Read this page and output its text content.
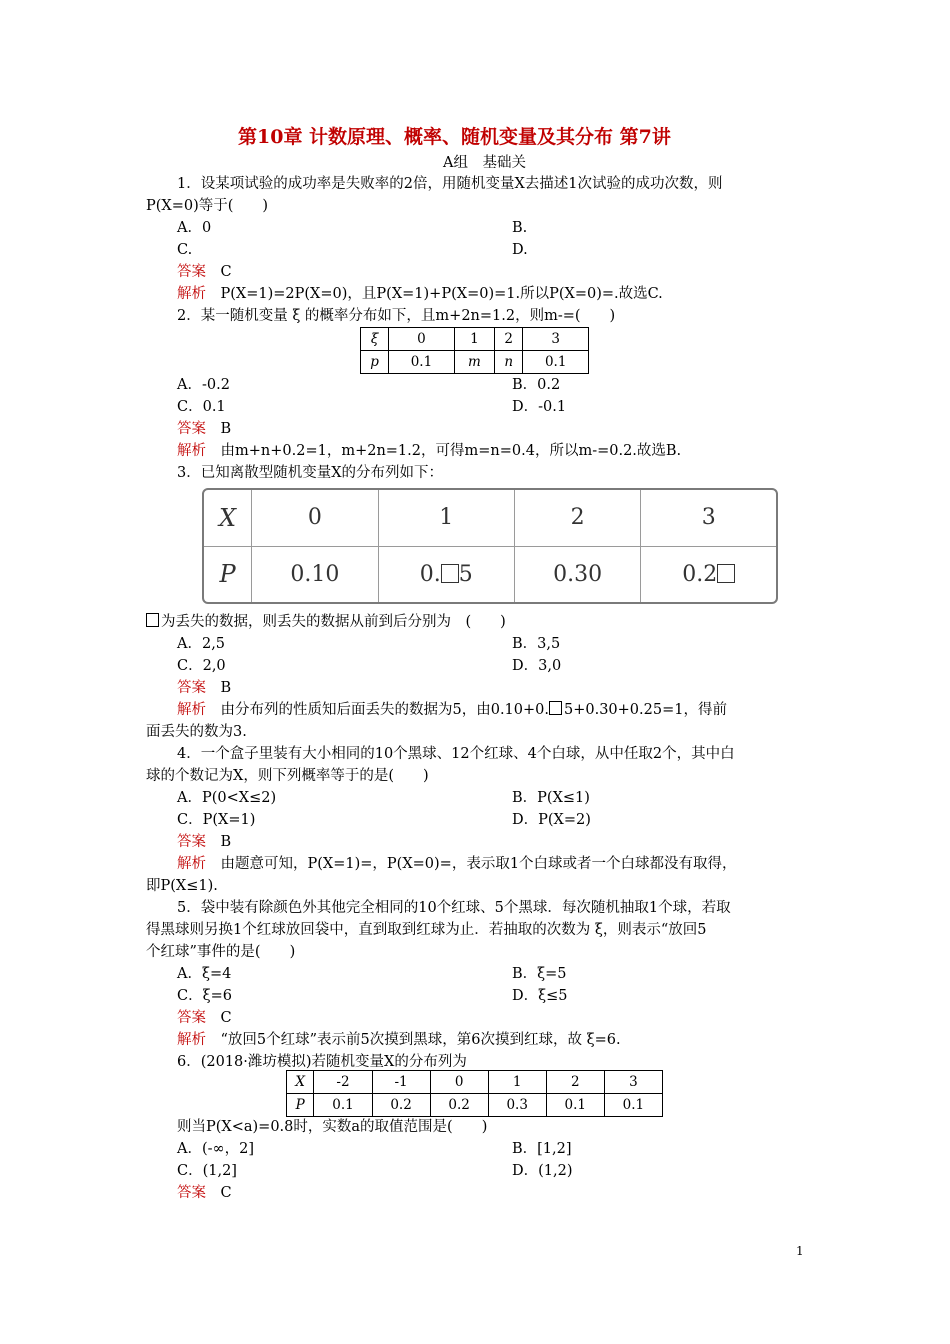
第10章 计数原理、概率、随机变量及其分布 第7讲
A组　基础关
1．设某项试验的成功率是失败率的2倍，用随机变量X去描述1次试验的成功次数，则
P(X=0)等于(　　)
A．0	B.
C.	D.
答案　 C
解析　 P(X=1)=2P(X=0)，且P(X=1)+P(X=0)=1.所以P(X=0)=.故选C.
2．某一随机变量 ξ 的概率分布如下，且m+2n=1.2，则m-=(　　)
ξ	0	1	2	3
p	0.1	m	n	0.1
A．-0.2	B．0.2
C．0.1	D．-0.1
答案　 B
解析　 由m+n+0.2=1，m+2n=1.2，可得m=n=0.4，所以m-=0.2.故选B.
3．已知离散型随机变量X的分布列如下：
X	0	1	2	3
P	0.10	0. 5	0.30	0.2
为丢失的数据，则丢失的数据从前到后分别为　(　　)
A．2,5	B．3,5
C．2,0	D．3,0
答案　 B
解析　 由分布列的性质知后面丢失的数据为5，由0.10+0. 5+0.30+0.25=1，得前
面丢失的数为3.
4．一个盒子里装有大小相同的10个黑球、12个红球、4个白球，从中任取2个，其中白
球的个数记为X，则下列概率等于的是(　　)
A．P(0<X≤2)	B．P(X≤1)
C．P(X=1)	D．P(X=2)
答案　 B
解析　 由题意可知，P(X=1)=，P(X=0)=，表示取1个白球或者一个白球都没有取得，
即P(X≤1).
5．袋中装有除颜色外其他完全相同的10个红球、5个黑球．每次随机抽取1个球，若取
得黑球则另换1个红球放回袋中，直到取到红球为止．若抽取的次数为 ξ，则表示“放回5
个红球”事件的是(　　)
A．ξ=4	B．ξ=5
C．ξ=6	D．ξ≤5
答案　 C
解析　 “放回5个红球”表示前5次摸到黑球，第6次摸到红球，故 ξ=6.
6．(2018·潍坊模拟)若随机变量X的分布列为
X	-2	-1	0	1	2	3
P	0.1	0.2	0.2	0.3	0.1	0.1
则当P(X<a)=0.8时，实数a的取值范围是(　　)
A．(-∞，2]	B．[1,2]
C．(1,2]	D．(1,2)
答案　 C
1
